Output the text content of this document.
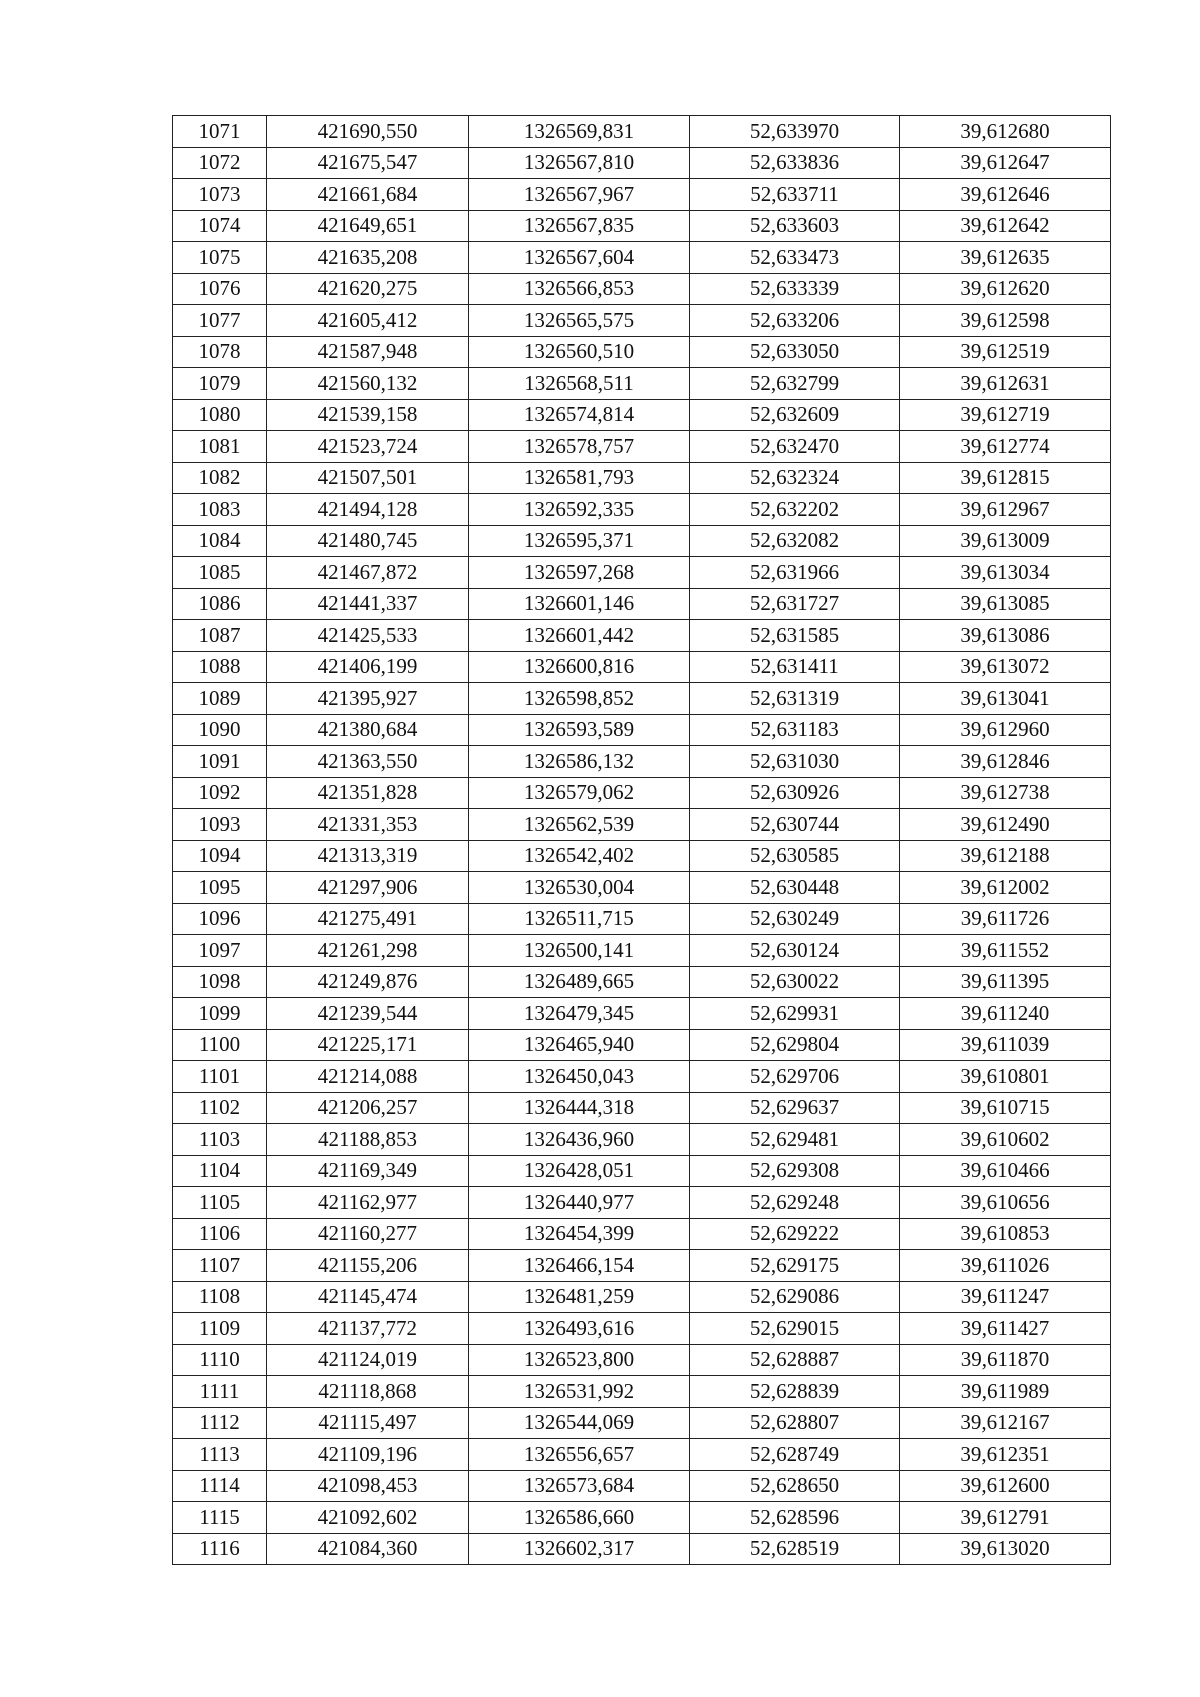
1071	421690,550	1326569,831	52,633970	39,612680
1072	421675,547	1326567,810	52,633836	39,612647
1073	421661,684	1326567,967	52,633711	39,612646
1074	421649,651	1326567,835	52,633603	39,612642
1075	421635,208	1326567,604	52,633473	39,612635
1076	421620,275	1326566,853	52,633339	39,612620
1077	421605,412	1326565,575	52,633206	39,612598
1078	421587,948	1326560,510	52,633050	39,612519
1079	421560,132	1326568,511	52,632799	39,612631
1080	421539,158	1326574,814	52,632609	39,612719
1081	421523,724	1326578,757	52,632470	39,612774
1082	421507,501	1326581,793	52,632324	39,612815
1083	421494,128	1326592,335	52,632202	39,612967
1084	421480,745	1326595,371	52,632082	39,613009
1085	421467,872	1326597,268	52,631966	39,613034
1086	421441,337	1326601,146	52,631727	39,613085
1087	421425,533	1326601,442	52,631585	39,613086
1088	421406,199	1326600,816	52,631411	39,613072
1089	421395,927	1326598,852	52,631319	39,613041
1090	421380,684	1326593,589	52,631183	39,612960
1091	421363,550	1326586,132	52,631030	39,612846
1092	421351,828	1326579,062	52,630926	39,612738
1093	421331,353	1326562,539	52,630744	39,612490
1094	421313,319	1326542,402	52,630585	39,612188
1095	421297,906	1326530,004	52,630448	39,612002
1096	421275,491	1326511,715	52,630249	39,611726
1097	421261,298	1326500,141	52,630124	39,611552
1098	421249,876	1326489,665	52,630022	39,611395
1099	421239,544	1326479,345	52,629931	39,611240
1100	421225,171	1326465,940	52,629804	39,611039
1101	421214,088	1326450,043	52,629706	39,610801
1102	421206,257	1326444,318	52,629637	39,610715
1103	421188,853	1326436,960	52,629481	39,610602
1104	421169,349	1326428,051	52,629308	39,610466
1105	421162,977	1326440,977	52,629248	39,610656
1106	421160,277	1326454,399	52,629222	39,610853
1107	421155,206	1326466,154	52,629175	39,611026
1108	421145,474	1326481,259	52,629086	39,611247
1109	421137,772	1326493,616	52,629015	39,611427
1110	421124,019	1326523,800	52,628887	39,611870
1111	421118,868	1326531,992	52,628839	39,611989
1112	421115,497	1326544,069	52,628807	39,612167
1113	421109,196	1326556,657	52,628749	39,612351
1114	421098,453	1326573,684	52,628650	39,612600
1115	421092,602	1326586,660	52,628596	39,612791
1116	421084,360	1326602,317	52,628519	39,613020
